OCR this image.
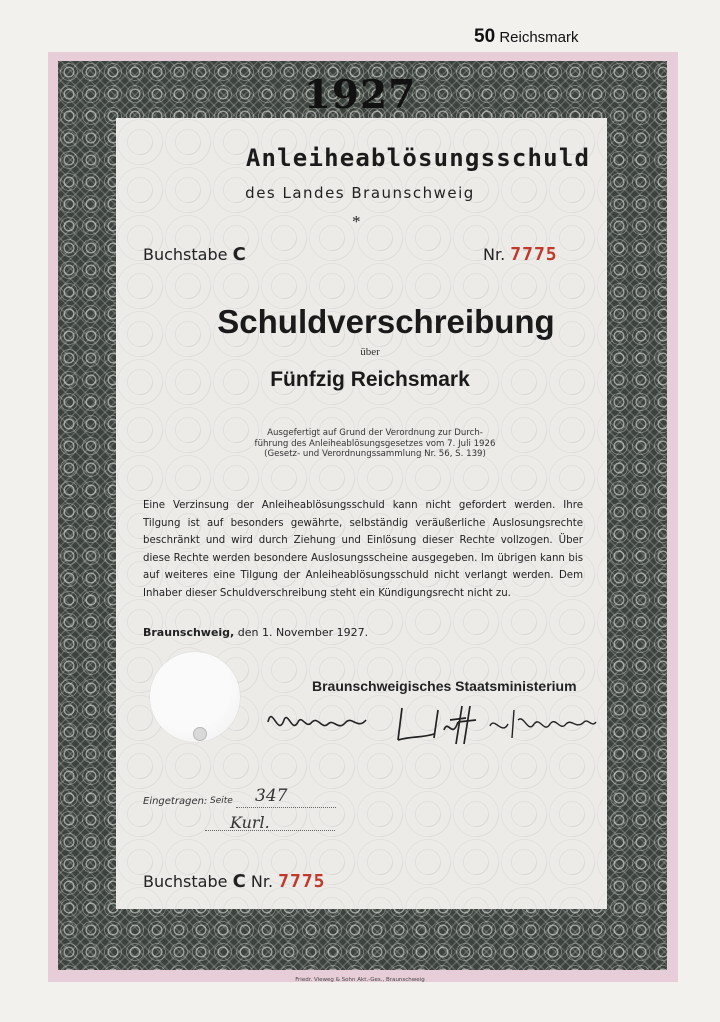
50 Reichsmark
1927
Anleiheablösungsschuld
des Landes Braunschweig
*
Buchstabe C	Nr. 7775
Schuldverschreibung
über
Fünfzig Reichsmark
Ausgefertigt auf Grund der Verordnung zur Durch-
führung des Anleiheablösungsgesetzes vom 7. Juli 1926
(Gesetz- und Verordnungssammlung Nr. 56, S. 139)
Eine Verzinsung der Anleiheablösungsschuld kann nicht gefordert werden. Ihre Tilgung ist auf besonders gewährte, selbständig veräußerliche Auslosungsrechte beschränkt und wird durch Ziehung und Einlösung dieser Rechte vollzogen. Über diese Rechte werden besondere Auslosungsscheine ausgegeben. Im übrigen kann bis auf weiteres eine Tilgung der Anleiheablösungsschuld nicht verlangt werden. Dem Inhaber dieser Schuldverschreibung steht ein Kündigungsrecht nicht zu.
Braunschweig, den 1. November 1927.
Braunschweigisches Staatsministerium
Eingetragen: Seite 347
Kurl.
Buchstabe C Nr. 7775
Friedr. Vieweg & Sohn Akt.-Ges., Braunschweig
